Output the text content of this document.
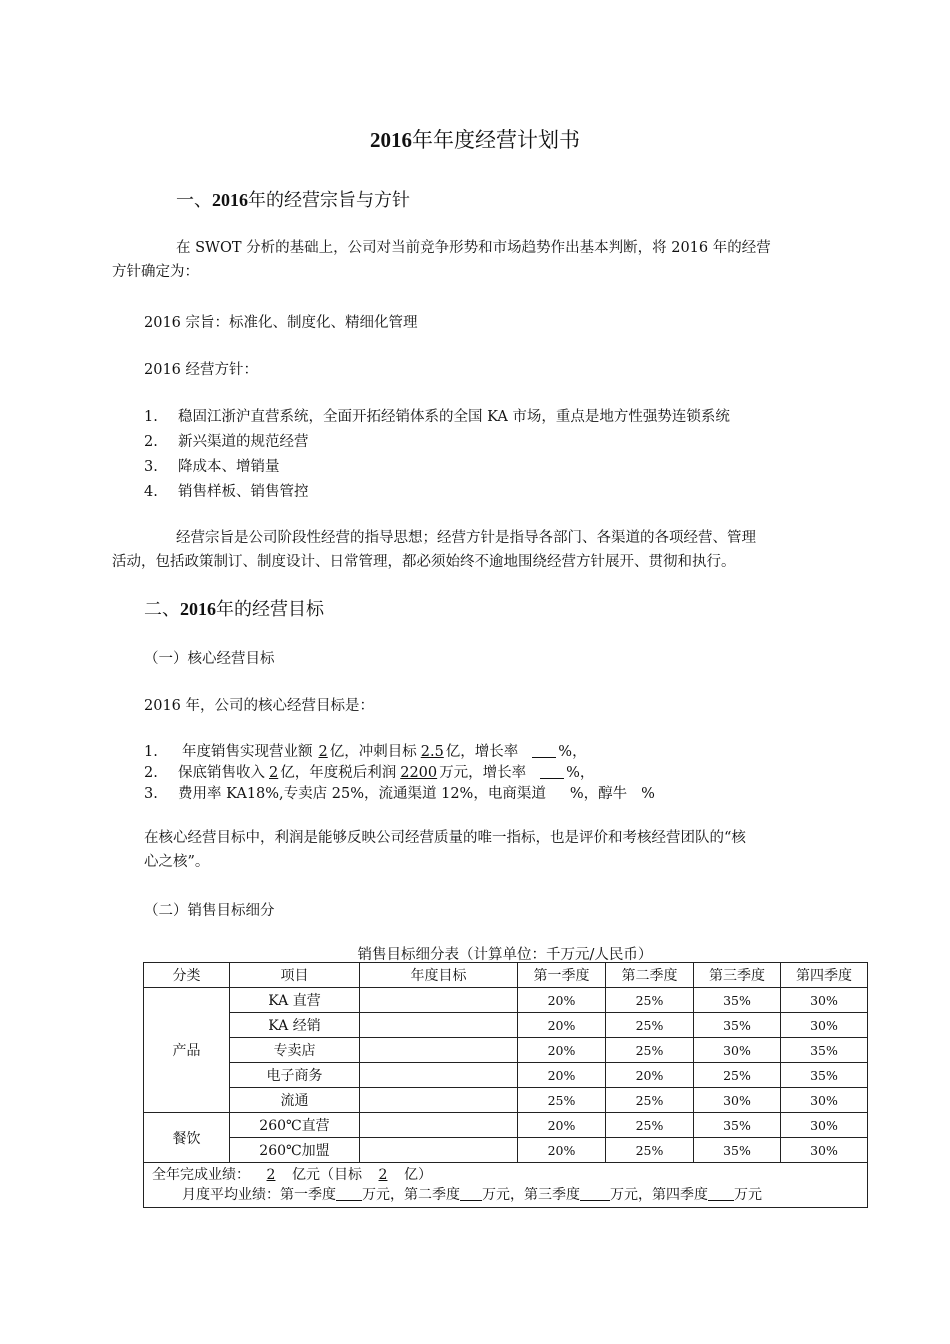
2016年年度经营计划书
一、2016年的经营宗旨与方针
在 SWOT 分析的基础上，公司对当前竞争形势和市场趋势作出基本判断，将 2016 年的经营
方针确定为：
2016 宗旨：标准化、制度化、精细化管理
2016 经营方针：
1. 稳固江浙沪直营系统，全面开拓经销体系的全国 KA 市场，重点是地方性强势连锁系统
2. 新兴渠道的规范经营
3. 降成本、增销量
4. 销售样板、销售管控
经营宗旨是公司阶段性经营的指导思想；经营方针是指导各部门、各渠道的各项经营、管理
活动，包括政策制订、制度设计、日常管理，都必须始终不逾地围绕经营方针展开、贯彻和执行。
二、2016年的经营目标
（一）核心经营目标
2016 年，公司的核心经营目标是：
1. 年度销售实现营业额 2 亿，冲刺目标 2.5 亿，增长率	%，
2. 保底销售收入 2 亿，年度税后利润 2200 万元，增长率	%，
3. 费用率 KA18%,专卖店 25%，流通渠道 12%，电商渠道 %，醇牛 %
在核心经营目标中，利润是能够反映公司经营质量的唯一指标，也是评价和考核经营团队的“核
心之核”。
（二）销售目标细分
销售目标细分表（计算单位：千万元/人民币）
分类	项目	年度目标	第一季度	第二季度	第三季度	第四季度
产品	KA 直营		20%	25%	35%	30%
	KA 经销		20%	25%	35%	30%
	专卖店		20%	25%	30%	35%
	电子商务		20%	20%	25%	35%
	流通		25%	25%	30%	30%
餐饮	260℃直营		20%	25%	35%	30%
	260℃加盟		20%	25%	35%	30%

全年完成业绩： 2 亿元（目标 2 亿）
月度平均业绩：第一季度 万元，第二季度 万元，第三季度 万元，第四季度 万元						
